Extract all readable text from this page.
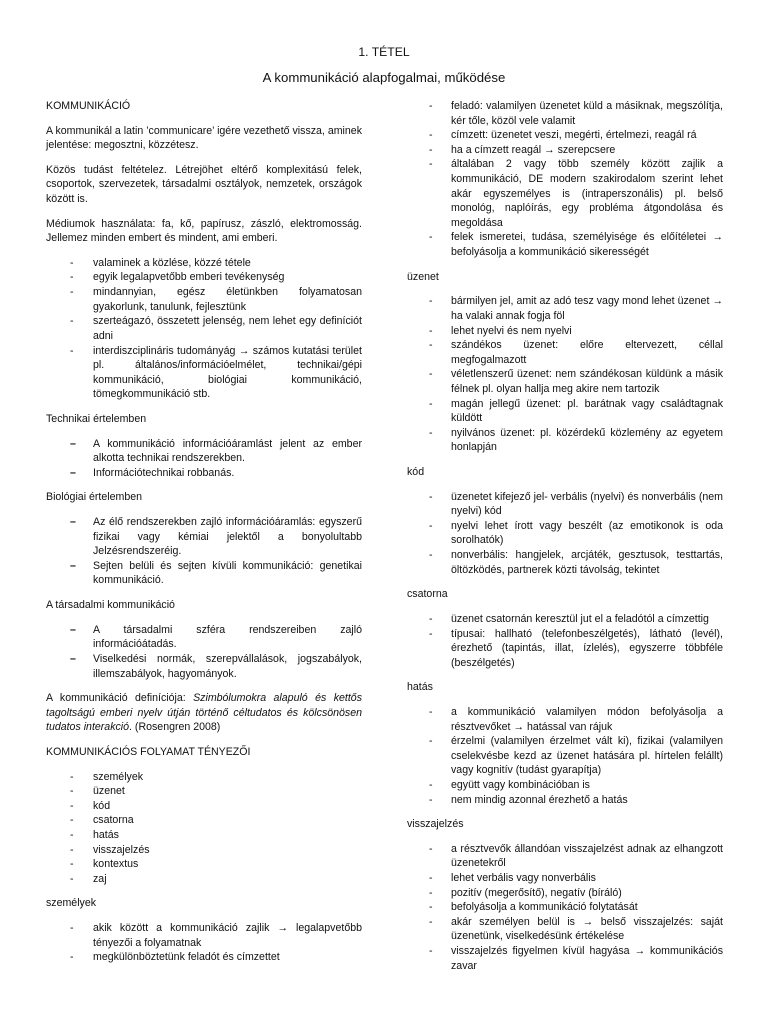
1. TÉTEL
A kommunikáció alapfogalmai, működése

KOMMUNIKÁCIÓ

A kommunikál a latin ’communicare’ igére vezethető vissza, aminek jelentése: megosztni, közzétesz.

Közös tudást feltételez. Létrejöhet eltérő komplexitású felek, csoportok, szervezetek, társadalmi osztályok, nemzetek, országok között is.

Médiumok használata: fa, kő, papírusz, zászló, elektromosság. Jellemez minden embert és mindent, ami emberi.

- valaminek a közlése, közzé tétele
- egyik legalapvetőbb emberi tevékenység
- mindannyian, egész életünkben folyamatosan gyakorlunk, tanulunk, fejlesztünk
- szerteágazó, összetett jelenség, nem lehet egy definíciót adni
- interdiszciplináris tudományág → számos kutatási terület pl. általános/információelmélet, technikai/gépi kommunikáció, biológiai kommunikáció, tömegkommunikáció stb.

Technikai értelemben

– A kommunikáció információáramlást jelent az ember alkotta technikai rendszerekben.
– Információtechnikai robbanás.

Biológiai értelemben

– Az élő rendszerekben zajló információáramlás: egyszerű fizikai vagy kémiai jelektől a bonyolultabb Jelzésrendszeréig.
– Sejten belüli és sejten kívüli kommunikáció: genetikai kommunikáció.

A társadalmi kommunikáció

– A társadalmi szféra rendszereiben zajló információátadás.
– Viselkedési normák, szerepvállalások, jogszabályok, illemszabályok, hagyományok.

A kommunikáció definíciója: Szimbólumokra alapuló és kettős tagoltságú emberi nyelv útján történő céltudatos és kölcsönösen tudatos interakció. (Rosengren 2008)

KOMMUNIKÁCIÓS FOLYAMAT TÉNYEZŐI

- személyek
- üzenet
- kód
- csatorna
- hatás
- visszajelzés
- kontextus
- zaj

személyek

- akik között a kommunikáció zajlik → legalapvetőbb tényezői a folyamatnak
- megkülönböztetünk feladót és címzettet
- feladó: valamilyen üzenetet küld a másiknak, megszólítja, kér tőle, közöl vele valamit
- címzett: üzenetet veszi, megérti, értelmezi, reagál rá
- ha a címzett reagál → szerepcsere
- általában 2 vagy több személy között zajlik a kommunikáció, DE modern szakirodalom szerint lehet akár egyszemélyes is (intraperszonális) pl. belső monológ, naplóírás, egy probléma átgondolása és megoldása
- felek ismeretei, tudása, személyisége és előítéletei → befolyásolja a kommunikáció sikerességét

üzenet

- bármilyen jel, amit az adó tesz vagy mond lehet üzenet → ha valaki annak fogja föl
- lehet nyelvi és nem nyelvi
- szándékos üzenet: előre eltervezett, céllal megfogalmazott
- véletlenszerű üzenet: nem szándékosan küldünk a másik félnek pl. olyan hallja meg akire nem tartozik
- magán jellegű üzenet: pl. barátnak vagy családtagnak küldött
- nyilvános üzenet: pl. közérdekű közlemény az egyetem honlapján

kód

- üzenetet kifejező jel- verbális (nyelvi) és nonverbális (nem nyelvi) kód
- nyelvi lehet írott vagy beszélt (az emotikonok is oda sorolhatók)
- nonverbális: hangjelek, arcjáték, gesztusok, testtartás, öltözködés, partnerek közti távolság, tekintet

csatorna

- üzenet csatornán keresztül jut el a feladótól a címzettig
- típusai: hallható (telefonbeszélgetés), látható (levél), érezhető (tapintás, illat, ízlelés), egyszerre többféle (beszélgetés)

hatás

- a kommunikáció valamilyen módon befolyásolja a résztvevőket → hatással van rájuk
- érzelmi (valamilyen érzelmet vált ki), fizikai (valamilyen cselekvésbe kezd az üzenet hatására pl. hírtelen felállt) vagy kognitív (tudást gyarapítja)
- együtt vagy kombinációban is
- nem mindig azonnal érezhető a hatás

visszajelzés

- a résztvevők állandóan visszajelzést adnak az elhangzott üzenetekről
- lehet verbális vagy nonverbális
- pozitív (megerősítő), negatív (bíráló)
- befolyásolja a kommunikáció folytatását
- akár személyen belül is → belső visszajelzés: saját üzenetünk, viselkedésünk értékelése
- visszajelzés figyelmen kívül hagyása → kommunikációs zavar
